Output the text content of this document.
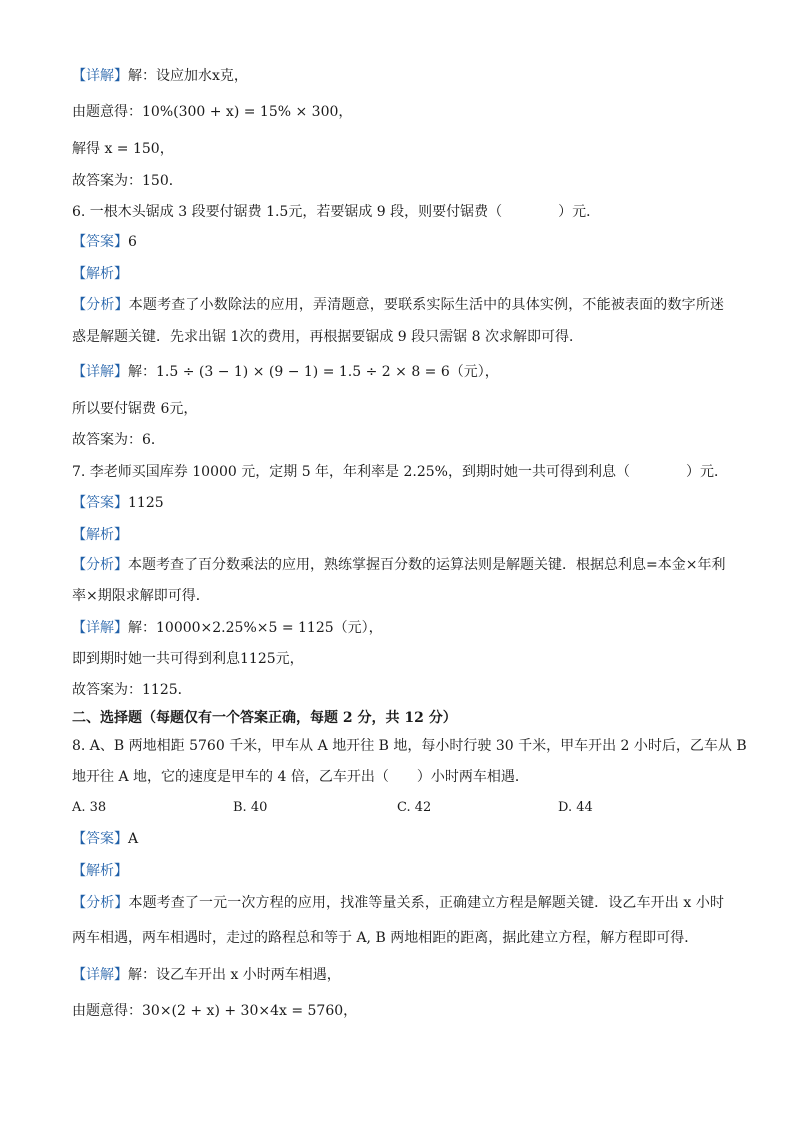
【详解】解：设应加水x克，
由题意得：10%(300 + x) = 15% × 300，
解得 x = 150，
故答案为：150．
6. 一根木头锯成 3 段要付锯费 1.5元，若要锯成 9 段，则要付锯费（　　　　）元．
【答案】6
【解析】
【分析】本题考查了小数除法的应用，弄清题意，要联系实际生活中的具体实例，不能被表面的数字所迷
惑是解题关键．先求出锯 1次的费用，再根据要锯成 9 段只需锯 8 次求解即可得．
【详解】解：1.5 ÷ (3 − 1) × (9 − 1) = 1.5 ÷ 2 × 8 = 6（元），
所以要付锯费 6元，
故答案为：6．
7. 李老师买国库券 10000 元，定期 5 年，年利率是 2.25%，到期时她一共可得到利息（　　　　）元．
【答案】1125
【解析】
【分析】本题考查了百分数乘法的应用，熟练掌握百分数的运算法则是解题关键．根据总利息=本金×年利
率×期限求解即可得．
【详解】解：10000×2.25%×5 = 1125（元），
即到期时她一共可得到利息1125元，
故答案为：1125．
二、选择题（每题仅有一个答案正确，每题 2 分，共 12 分）
8. A、B 两地相距 5760 千米，甲车从 A 地开往 B 地，每小时行驶 30 千米，甲车开出 2 小时后，乙车从 B
地开往 A 地，它的速度是甲车的 4 倍，乙车开出（　　）小时两车相遇．
A. 38	B. 40	C. 42	D. 44
【答案】A
【解析】
【分析】本题考查了一元一次方程的应用，找准等量关系，正确建立方程是解题关键．设乙车开出 x 小时
两车相遇，两车相遇时，走过的路程总和等于 A, B 两地相距的距离，据此建立方程，解方程即可得．
【详解】解：设乙车开出 x 小时两车相遇，
由题意得：30×(2 + x) + 30×4x = 5760，
